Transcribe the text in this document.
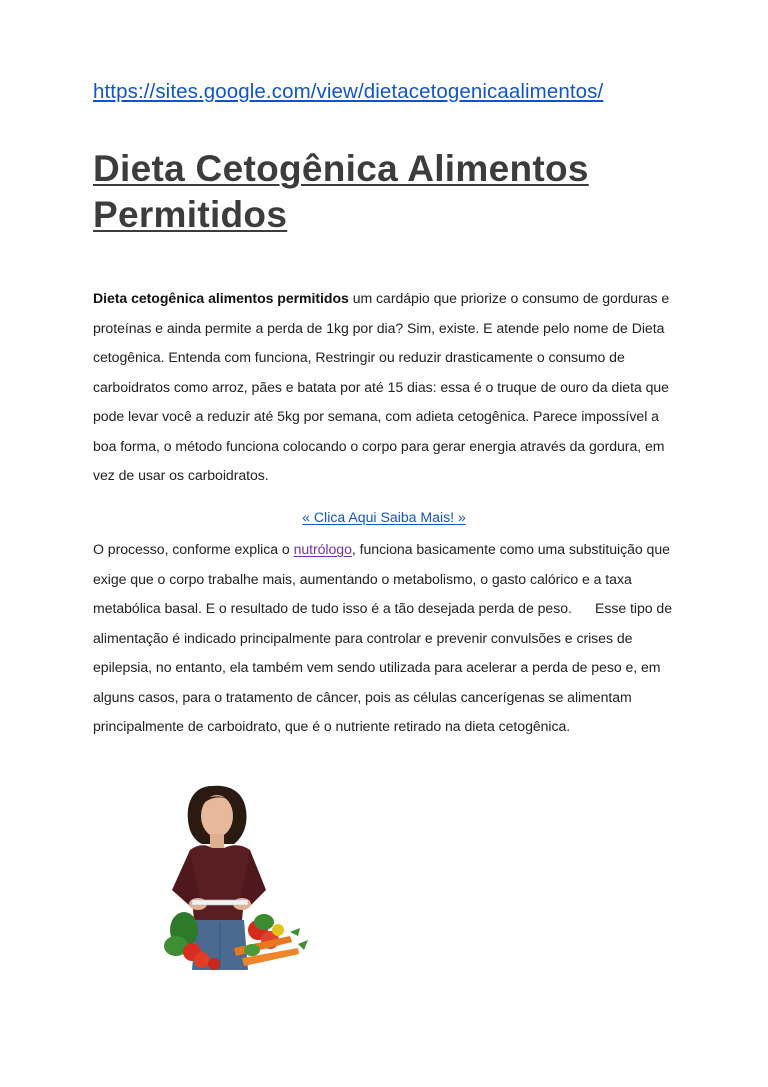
https://sites.google.com/view/dietacetogenicaalimentos/
Dieta Cetogênica Alimentos
Permitidos

Dieta cetogênica alimentos permitidos um cardápio que priorize o consumo de gorduras e proteínas e ainda permite a perda de 1kg por dia? Sim, existe. E atende pelo nome de Dieta cetogênica. Entenda com funciona, Restringir ou reduzir drasticamente o consumo de carboidratos como arroz, pães e batata por até 15 dias: essa é o truque de ouro da dieta que pode levar você a reduzir até 5kg por semana, com adieta cetogênica. Parece impossível a boa forma, o método funciona colocando o corpo para gerar energia através da gordura, em vez de usar os carboidratos.

« Clica Aqui Saiba Mais! »

O processo, conforme explica o nutrólogo, funciona basicamente como uma substituição que exige que o corpo trabalhe mais, aumentando o metabolismo, o gasto calórico e a taxa metabólica basal. E o resultado de tudo isso é a tão desejada perda de peso.      Esse tipo de alimentação é indicado principalmente para controlar e prevenir convulsões e crises de epilepsia, no entanto, ela também vem sendo utilizada para acelerar a perda de peso e, em alguns casos, para o tratamento de câncer, pois as células cancerígenas se alimentam principalmente de carboidrato, que é o nutriente retirado na dieta cetogênica.
